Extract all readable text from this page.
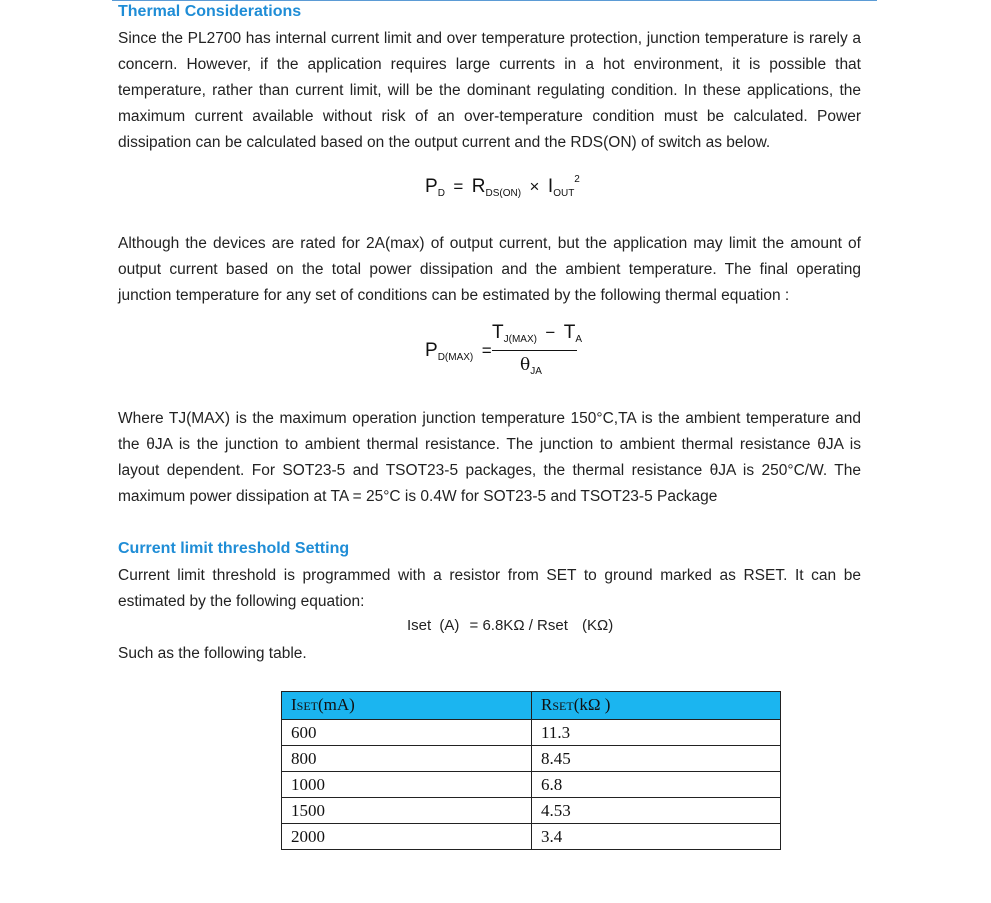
Thermal Considerations

Since the PL2700 has internal current limit and over temperature protection, junction temperature is rarely a concern. However, if the application requires large currents in a hot environment, it is possible that temperature, rather than current limit, will be the dominant regulating condition. In these applications, the maximum current available without risk of an over-temperature condition must be calculated. Power dissipation can be calculated based on the output current and the RDS(ON) of switch as below.

$P_D = R_{DS(ON)} \times I_{OUT}^2$

Although the devices are rated for 2A(max) of output current, but the application may limit the amount of output current based on the total power dissipation and the ambient temperature. The final operating junction temperature for any set of conditions can be estimated by the following thermal equation :

$P_{D(MAX)}$ =
$T_{J(MAX)} - T_A$
$\theta_{JA}$

Where TJ(MAX) is the maximum operation junction temperature 150°C,TA is the ambient temperature and the θJA is the junction to ambient thermal resistance. The junction to ambient thermal resistance θJA is layout dependent. For SOT23-5 and TSOT23-5 packages, the thermal resistance θJA is 250°C/W. The maximum power dissipation at TA = 25°C is 0.4W for SOT23-5 and TSOT23-5 Package

Current limit threshold Setting

Current limit threshold is programmed with a resistor from SET to ground marked as RSET. It can be estimated by the following equation:

Iset (A) = 6.8KΩ / Rset (KΩ)

Such as the following table.

ISET(mA)	RSET(kΩ )
600	11.3
800	8.45
1000	6.8
1500	4.53
2000	3.4
